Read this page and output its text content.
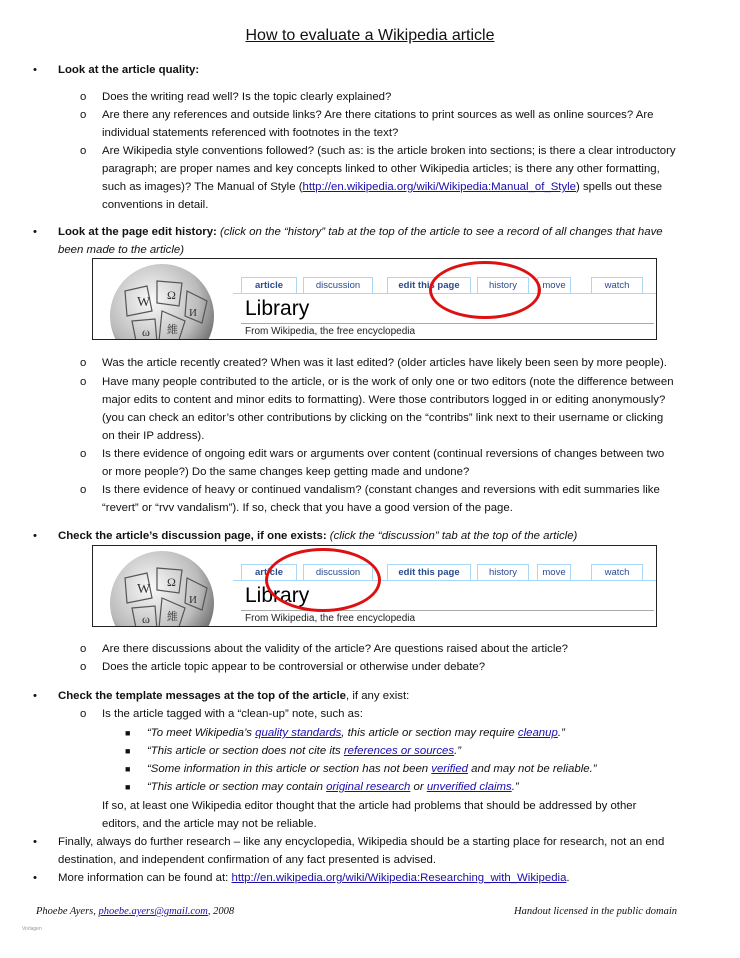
How to evaluate a Wikipedia article
• Look at the article quality:
o Does the writing read well? Is the topic clearly explained?
o Are there any references and outside links? Are there citations to print sources as well as online sources? Are
individual statements referenced with footnotes in the text?
o Are Wikipedia style conventions followed? (such as: is the article broken into sections; is there a clear introductory
paragraph; are proper names and key concepts linked to other Wikipedia articles; is there any other formatting,
such as images)? The Manual of Style (http://en.wikipedia.org/wiki/Wikipedia:Manual_of_Style) spells out these
conventions in detail.
• Look at the page edit history: (click on the “history” tab at the top of the article to see a record of all changes that have
been made to the article)
W Ω
И
ω 維
article	discussion	edit this page	history	move	watch
Library
From Wikipedia, the free encyclopedia
o Was the article recently created? When was it last edited? (older articles have likely been seen by more people).
o Have many people contributed to the article, or is the work of only one or two editors (note the difference between
major edits to content and minor edits to formatting). Were those contributors logged in or editing anonymously?
(you can check an editor’s other contributions by clicking on the “contribs” link next to their username or clicking
on their IP address).
o Is there evidence of ongoing edit wars or arguments over content (continual reversions of changes between two
or more people?) Do the same changes keep getting made and undone?
o Is there evidence of heavy or continued vandalism? (constant changes and reversions with edit summaries like
“revert” or “rvv vandalism”). If so, check that you have a good version of the page.
• Check the article’s discussion page, if one exists: (click the “discussion” tab at the top of the article)
W Ω
И
ω 維
article	discussion	edit this page	history	move	watch
Library
From Wikipedia, the free encyclopedia
o Are there discussions about the validity of the article? Are questions raised about the article?
o Does the article topic appear to be controversial or otherwise under debate?
• Check the template messages at the top of the article, if any exist:
o Is the article tagged with a “clean-up” note, such as:
■ “To meet Wikipedia’s quality standards, this article or section may require cleanup.”
■ “This article or section does not cite its references or sources.”
■ “Some information in this article or section has not been verified and may not be reliable.”
■ “This article or section may contain original research or unverified claims.”
If so, at least one Wikipedia editor thought that the article had problems that should be addressed by other
editors, and the article may not be reliable.
• Finally, always do further research – like any encyclopedia, Wikipedia should be a starting place for research, not an end
destination, and independent confirmation of any fact presented is advised.
• More information can be found at: http://en.wikipedia.org/wiki/Wikipedia:Researching_with_Wikipedia.
Phoebe Ayers, phoebe.ayers@gmail.com, 2008	Handout licensed in the public domain
Vorlagen
